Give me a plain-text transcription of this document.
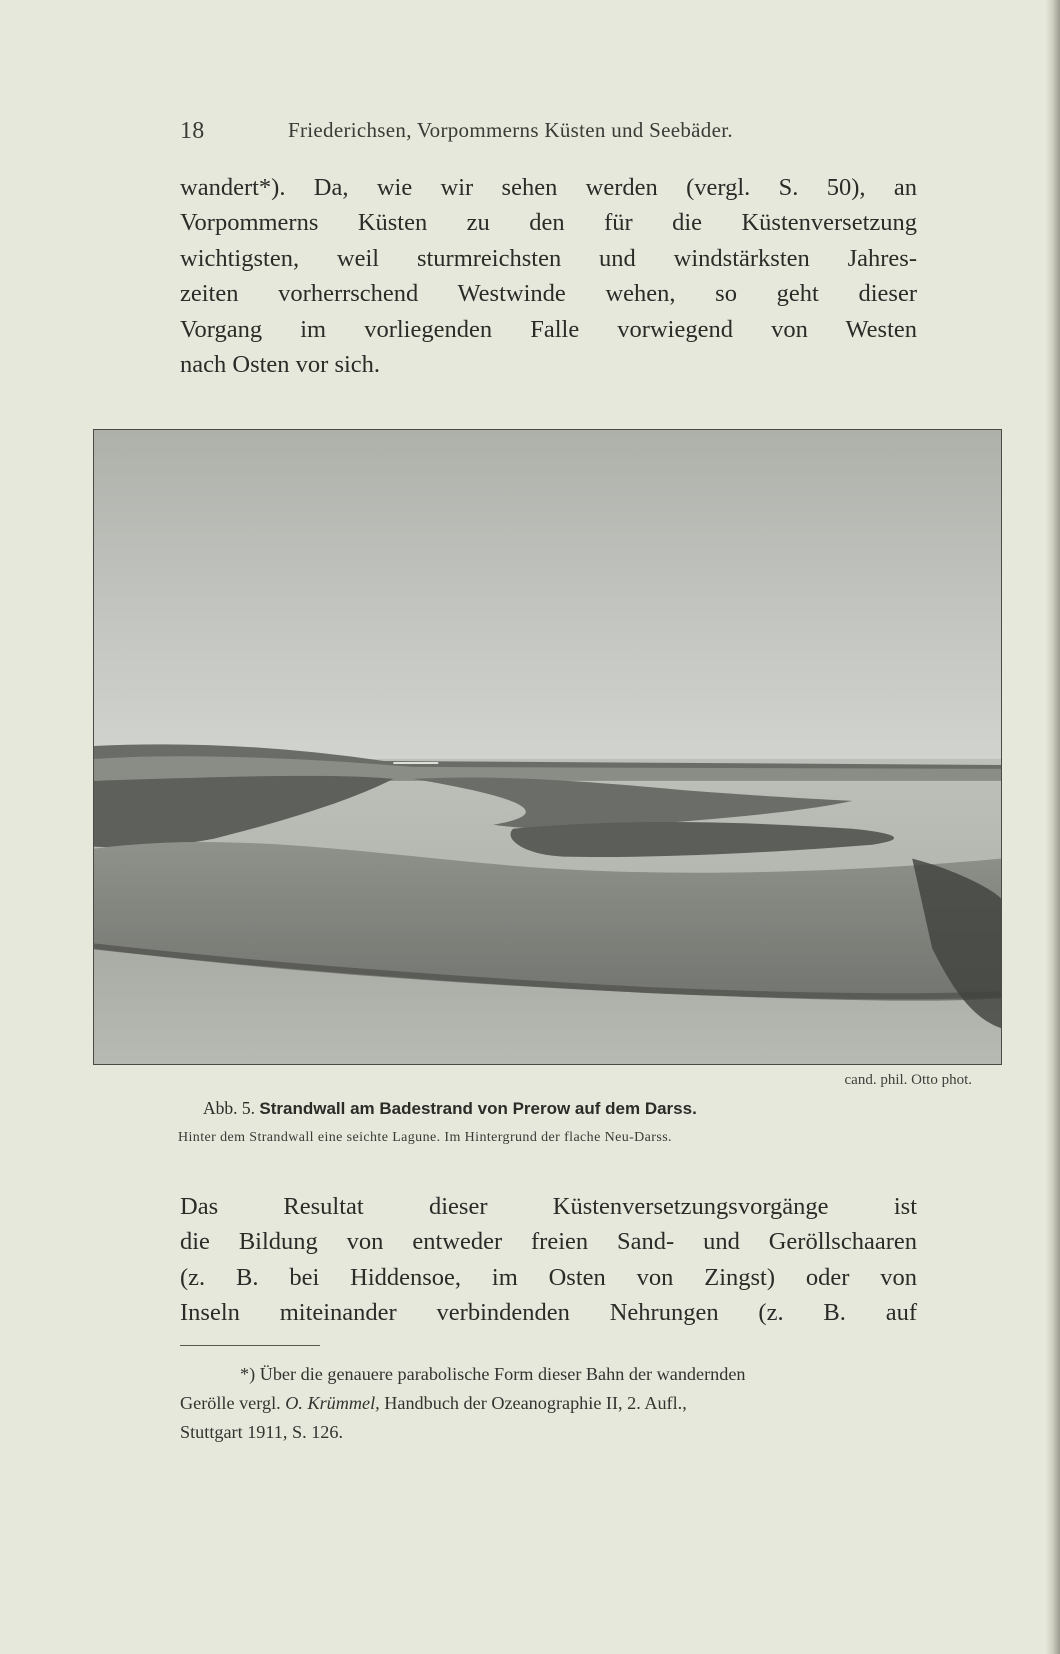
18	Friederichsen, Vorpommerns Küsten und Seebäder.
wandert*). Da, wie wir sehen werden (vergl. S. 50), an
Vorpommerns Küsten zu den für die Küstenversetzung
wichtigsten, weil sturmreichsten und windstärksten Jahres-
zeiten vorherrschend Westwinde wehen, so geht dieser
Vorgang im vorliegenden Falle vorwiegend von Westen
nach Osten vor sich.
cand. phil. Otto phot.
Abb. 5. Strandwall am Badestrand von Prerow auf dem Darss.
Hinter dem Strandwall eine seichte Lagune. Im Hintergrund der flache Neu-Darss.
Das Resultat dieser Küstenversetzungsvorgänge ist
die Bildung von entweder freien Sand- und Geröllschaaren
(z. B. bei Hiddensoe, im Osten von Zingst) oder von
Inseln miteinander verbindenden Nehrungen (z. B. auf
*) Über die genauere parabolische Form dieser Bahn der wandernden
Gerölle vergl. O. Krümmel, Handbuch der Ozeanographie II, 2. Aufl.,
Stuttgart 1911, S. 126.
